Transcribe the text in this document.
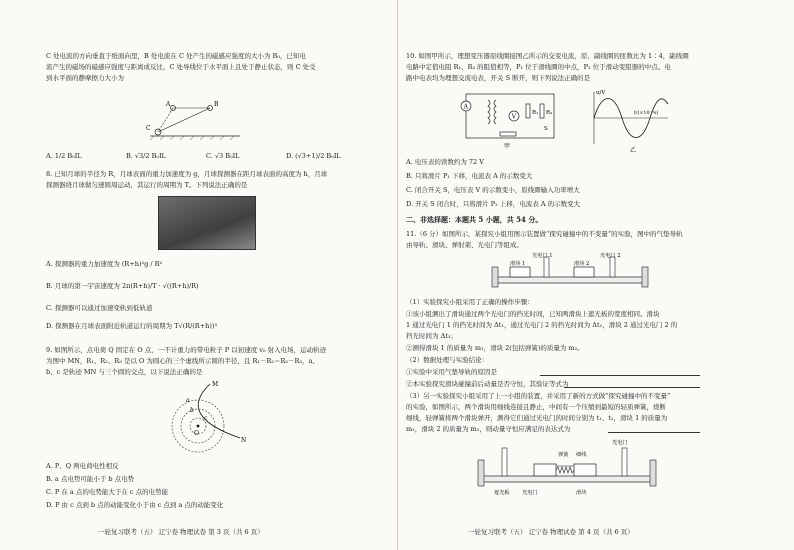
C 处电流的方向垂直于纸面向里，B 处电流在 C 处产生的磁感应强度的大小为 B₀，已知电

流产生的磁场的磁感应强度与距离成反比，C 处导线位于水平面上且处于静止状态，则 C 处受

到水平面的静摩擦力大小为

A	B
C

A. 1/2 B₀IL	B. √3/2 B₀IL	C. √3 B₀IL	D. (√3+1)/2 B₀IL

8. 已知月球的半径为 R，月球表面的重力加速度为 g，月球探测器在距月球表面的高度为 h，月球

探测器绕月球做匀速圆周运动，其运行的周期为 T。下列说法正确的是

A. 探测器的重力加速度为 (R+h)²g / R²

B. 月球的第一宇宙速度为 2π(R+h)/T · √((R+h)/R)

C. 探测器可以通过加速变轨到低轨道

D. 探测器在月球表面附近轨道运行的周期为 T√(R/(R+h))³

9. 如图所示，点电荷 Q 固定在 O 点，一不计重力的带电粒子 P 以初速度 v₀ 射入电场，运动轨迹

为图中 MN，R₁、R₂、R₃ 是以 O 为圆心的三个虚线所示圆的半径，且 R₁－R₂＝R₂－R₃，a、

b、c 是轨迹 MN 与三个圆的交点，以下说法正确的是

M
N
O
a
b
c

A. P、Q 两电荷电性相反

B. a 点电势可能小于 b 点电势

C. P 在 a 点的电势能大于在 c 点的电势能

D. P 由 c 点到 b 点的动能变化小于由 c 点到 a 点的动能变化

一轮复习联考（五） 辽宁卷 物理试卷 第 3 页（共 6 页）

10. 如图甲所示，理想变压器原线圈接图乙所示的交变电流，原、副线圈的匝数比为 1∶4，副线圈

电路中定值电阻 R₁、R₂ 的阻值相等，P₁ 位于滑线圈的中点，P₂ 位于滑动变阻器的中点。电

路中电表均为理想交流电表，开关 S 断开，则下列说法正确的是

A
V
R₁ R₂
S
甲
u/V
t/(×10⁻²s)
乙

A. 电压表的读数约为 72 V

B. 只将滑片 P₁ 下移，电流表 A 的示数变大

C. 闭合开关 S，电压表 V 的示数变小，原线圈输入功率增大

D. 开关 S 闭合时，只将滑片 P₂ 上移，电流表 A 的示数变大

二、非选择题：本题共 5 小题，共 54 分。

11.（6 分）如图所示，某探究小组用图示装置做“探究碰撞中的不变量”的实验，图中的气垫导轨

由导轨、滑块、弹射架、光电门等组成。

滑块 1
光电门 1
滑块 2
光电门 2

（1）实验探究小组采用了正确的操作步骤：

①该小组测出了滑块通过两个光电门的挡光时间，已知两滑块上遮光板的宽度相同。滑块

1 通过光电门 1 的挡光时间为 Δt₁，通过光电门 2 的挡光时间为 Δt₂，滑块 2 通过光电门 2 的

挡光时间为 Δt₃；

②测得滑块 1 的质量为 m₁，滑块 2(包括弹簧)的质量为 m₂。

（2）数据处理与实验结论：

①实验中采用气垫导轨的原因是

②本实验探究滑块碰撞前后动量是否守恒，其验证等式为

（3）另一实验探究小组采用了上一小组的装置，并采用了新的方式做“探究碰撞中的不变量”

的实验，如图所示，两个滑块用细线连接且静止，中间有一个压缩到最短的轻质弹簧，烧断

细线，轻弹簧将两个滑块弹开，测得它们通过光电门的时间分别为 t₁、t₂，滑块 1 的质量为

m₁，滑块 2 的质量为 m₂，则动量守恒应满足的表达式为

弹簧 细线
光电门
遮光板 光电门	滑块
一轮复习联考（五） 辽宁卷 物理试卷 第 4 页（共 6 页）
